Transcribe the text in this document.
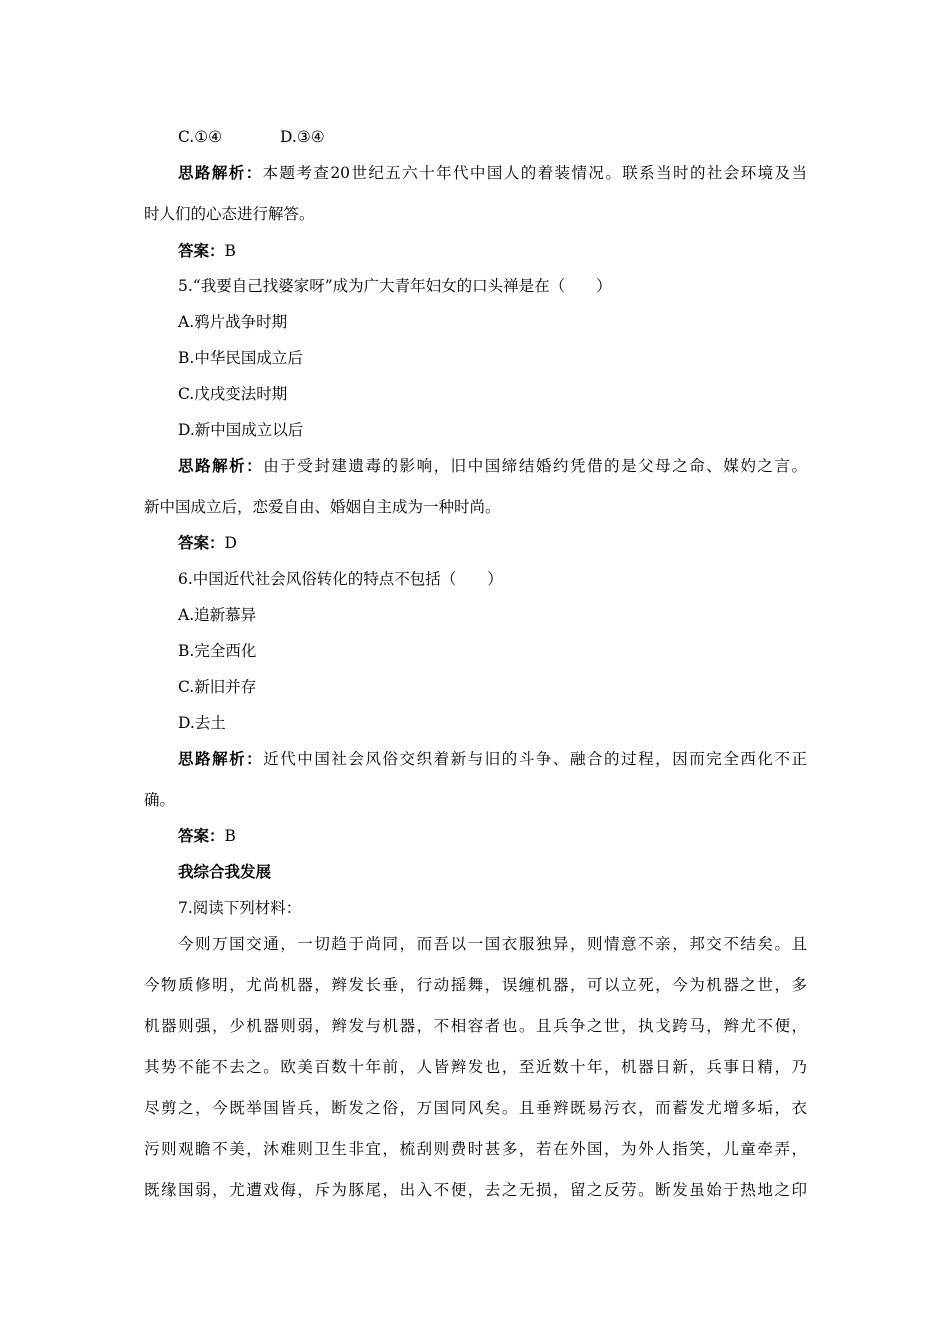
C.①④	D.③④
思路解析：本题考查20世纪五六十年代中国人的着装情况。联系当时的社会环境及当
时人们的心态进行解答。
答案：B
5.“我要自己找婆家呀”成为广大青年妇女的口头禅是在（　　）
A.鸦片战争时期
B.中华民国成立后
C.戊戌变法时期
D.新中国成立以后
思路解析：由于受封建遗毒的影响，旧中国缔结婚约凭借的是父母之命、媒妁之言。
新中国成立后，恋爱自由、婚姻自主成为一种时尚。
答案：D
6.中国近代社会风俗转化的特点不包括（　　）
A.追新慕异
B.完全西化
C.新旧并存
D.去土
思路解析：近代中国社会风俗交织着新与旧的斗争、融合的过程，因而完全西化不正
确。
答案：B
我综合我发展
7.阅读下列材料：
今则万国交通，一切趋于尚同，而吾以一国衣服独异，则情意不亲，邦交不结矣。且
今物质修明，尤尚机器，辫发长垂，行动摇舞，误缠机器，可以立死，今为机器之世，多
机器则强，少机器则弱，辫发与机器，不相容者也。且兵争之世，执戈跨马，辫尤不便，
其势不能不去之。欧美百数十年前，人皆辫发也，至近数十年，机器日新，兵事日精，乃
尽剪之，今既举国皆兵，断发之俗，万国同风矣。且垂辫既易污衣，而蓄发尤增多垢，衣
污则观瞻不美，沐难则卫生非宜，梳刮则费时甚多，若在外国，为外人指笑，儿童牵弄，
既缘国弱，尤遭戏侮，斥为豚尾，出入不便，去之无损，留之反劳。断发虽始于热地之印
